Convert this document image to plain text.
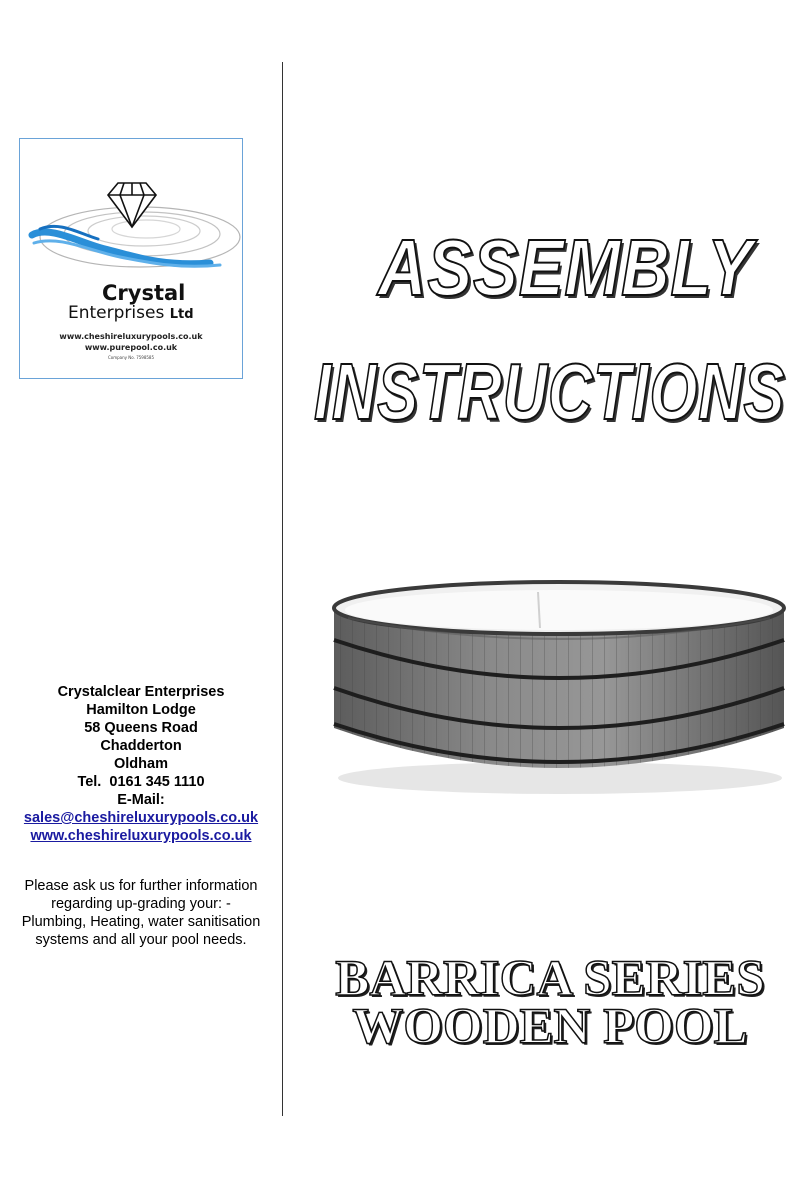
Crystal
Enterprises Ltd
www.cheshireluxurypools.co.uk
www.purepool.co.uk
Company No. 7598585
ASSEMBLY
INSTRUCTIONS
Crystalclear Enterprises
Hamilton Lodge
58 Queens Road
Chadderton
Oldham
Tel.  0161 345 1110
E-Mail:
sales@cheshireluxurypools.co.uk
www.cheshireluxurypools.co.uk
Please ask us for further information
regarding up-grading your: -
Plumbing, Heating, water sanitisation
systems and all your pool needs.
BARRICA SERIES
WOODEN POOL
